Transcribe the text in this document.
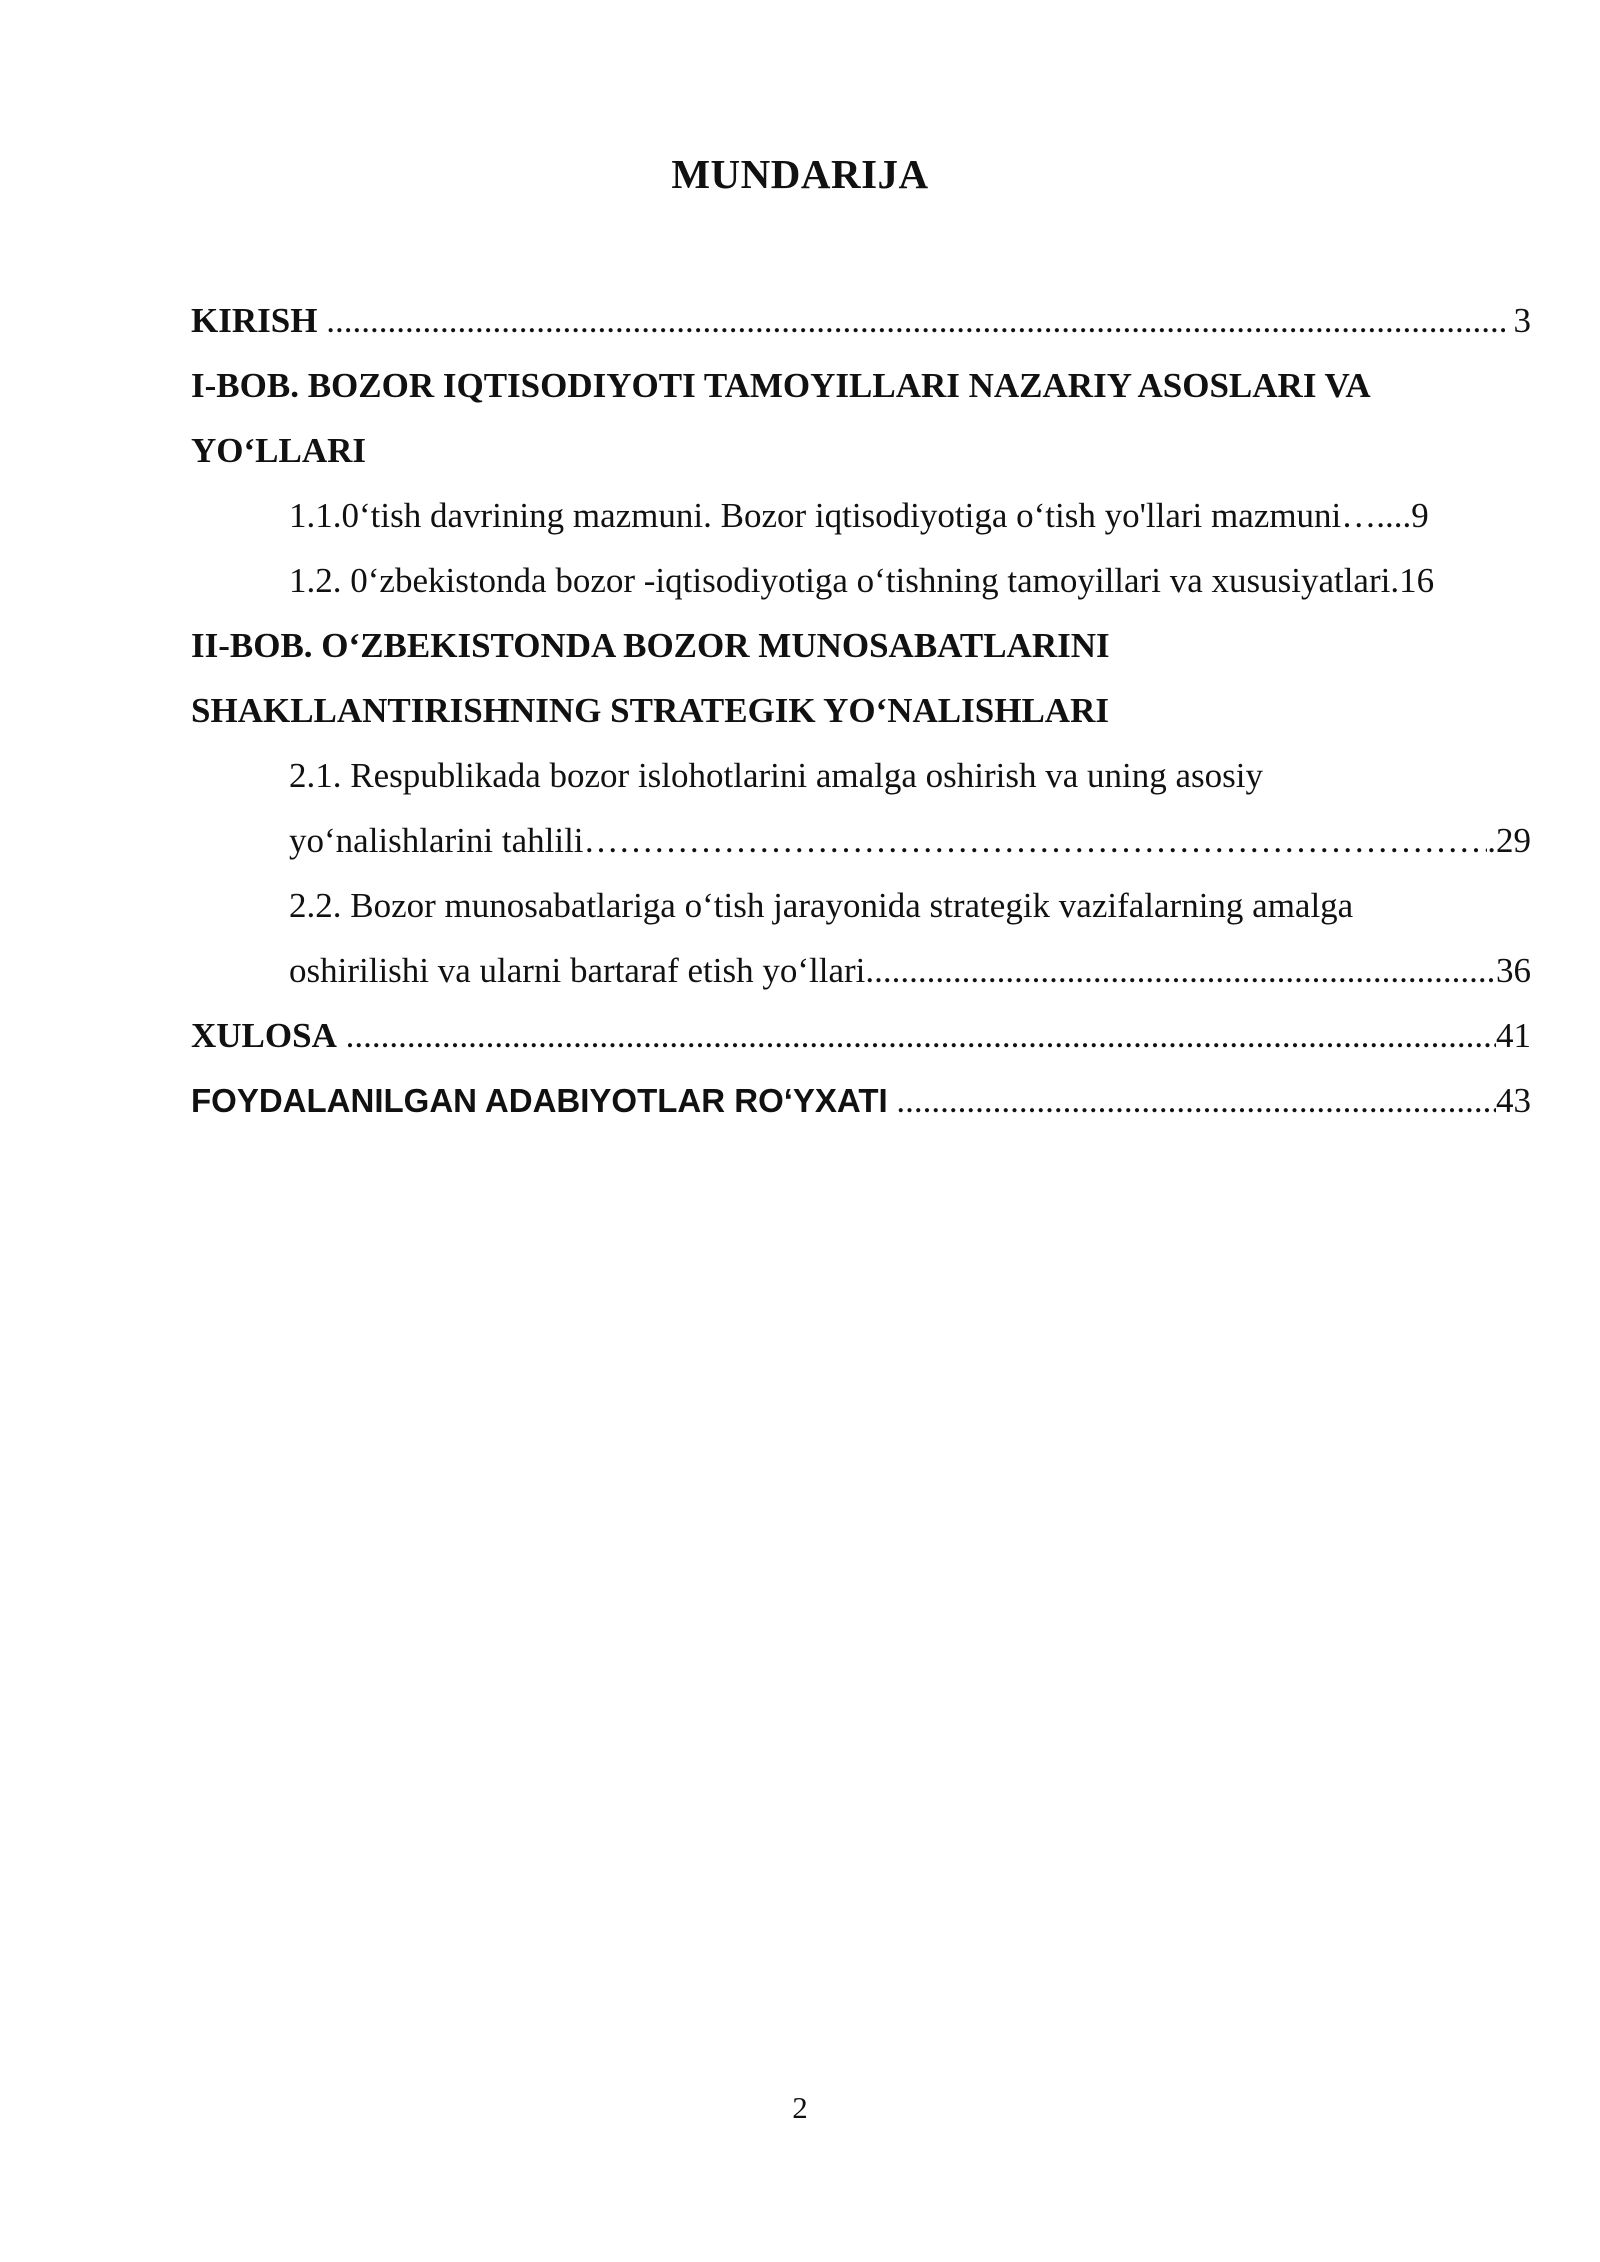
MUNDARIJA
KIRISH .....	3
I-BOB. BOZOR IQTISODIYOTI TAMOYILLARI NAZARIY ASOSLARI VA
YO‘LLARI
1.1.0‘tish davrining mazmuni. Bozor iqtisodiyotiga o‘tish yo'llari mazmuni….... 9
1.2. 0‘zbekistonda bozor -iqtisodiyotiga o‘tishning tamoyillari va xususiyatlari. 16
II-BOB. O‘ZBEKISTONDA BOZOR MUNOSABATLARINI
SHAKLLANTIRISHNING STRATEGIK YO‘NALISHLARI
2.1. Respublikada bozor islohotlarini amalga oshirish va uning asosiy
yo‘nalishlarini tahlili ……………………………………………………………………………………………………………	.29
2.2. Bozor munosabatlariga o‘tish jarayonida strategik vazifalarning amalga
oshirilishi va ularni bartaraf etish yo‘llari .....	36
XULOSA .....	41
FOYDALANILGAN ADABIYOTLAR RO‘YXATI .....	43
2
